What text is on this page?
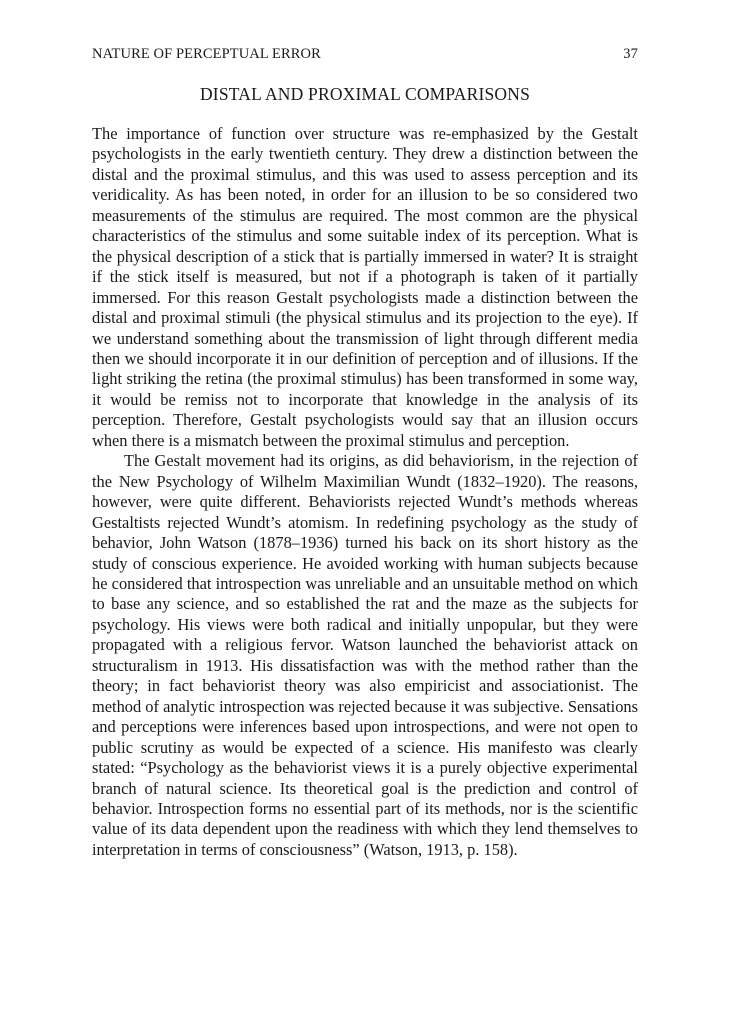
NATURE OF PERCEPTUAL ERROR	37
DISTAL AND PROXIMAL COMPARISONS

The importance of function over structure was re-emphasized by the Gestalt psychologists in the early twentieth century. They drew a distinction between the distal and the proximal stimulus, and this was used to assess perception and its veridicality. As has been noted, in order for an illusion to be so considered two measurements of the stimulus are required. The most common are the physical characteristics of the stimulus and some suitable index of its perception. What is the physical description of a stick that is partially immersed in water? It is straight if the stick itself is measured, but not if a photograph is taken of it partially immersed. For this reason Gestalt psychologists made a distinction between the distal and proximal stimuli (the physical stimulus and its projection to the eye). If we understand something about the transmission of light through different media then we should incorporate it in our definition of perception and of illusions. If the light striking the retina (the proximal stimulus) has been transformed in some way, it would be remiss not to incorporate that knowledge in the analysis of its perception. Therefore, Gestalt psychologists would say that an illusion occurs when there is a mismatch between the proximal stimulus and perception.

The Gestalt movement had its origins, as did behaviorism, in the rejection of the New Psychology of Wilhelm Maximilian Wundt (1832–1920). The reasons, however, were quite different. Behaviorists rejected Wundt’s methods whereas Gestaltists rejected Wundt’s atomism. In redefining psychology as the study of behavior, John Watson (1878–1936) turned his back on its short history as the study of conscious experience. He avoided working with human subjects because he considered that introspection was unreliable and an unsuitable method on which to base any science, and so established the rat and the maze as the subjects for psychology. His views were both radical and initially unpopular, but they were propagated with a religious fervor. Watson launched the behaviorist attack on structuralism in 1913. His dissatisfaction was with the method rather than the theory; in fact behaviorist theory was also empiricist and associationist. The method of analytic introspection was rejected because it was subjective. Sensations and perceptions were inferences based upon introspections, and were not open to public scrutiny as would be expected of a science. His manifesto was clearly stated: “Psychology as the behaviorist views it is a purely objective experimental branch of natural science. Its theoretical goal is the prediction and control of behavior. Introspection forms no essential part of its methods, nor is the scientific value of its data dependent upon the readiness with which they lend themselves to interpretation in terms of consciousness” (Watson, 1913, p. 158).
